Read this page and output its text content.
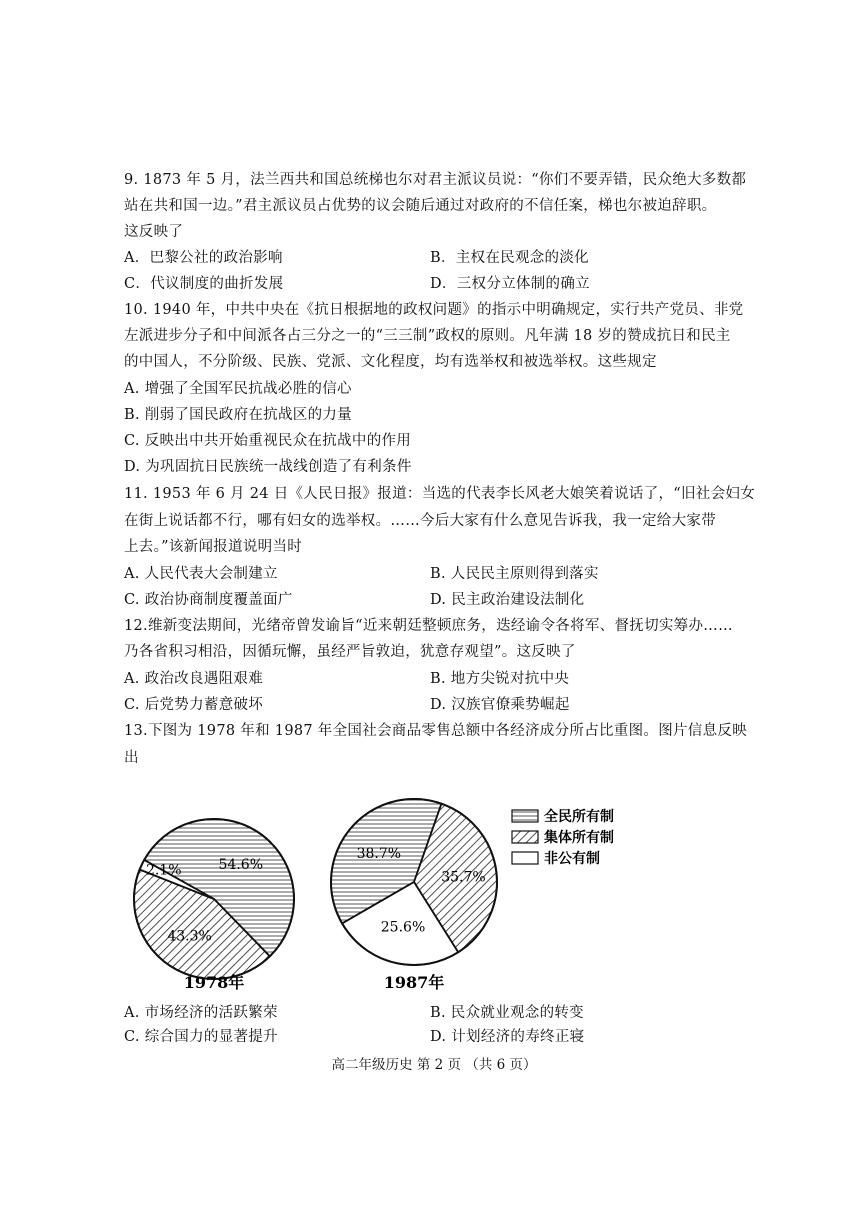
9. 1873 年 5 月，法兰西共和国总统梯也尔对君主派议员说：“你们不要弄错，民众绝大多数都
站在共和国一边。”君主派议员占优势的议会随后通过对政府的不信任案，梯也尔被迫辞职。
这反映了
A．巴黎公社的政治影响	B．主权在民观念的淡化
C．代议制度的曲折发展	D．三权分立体制的确立
10. 1940 年，中共中央在《抗日根据地的政权问题》的指示中明确规定，实行共产党员、非党
左派进步分子和中间派各占三分之一的“三三制”政权的原则。凡年满 18 岁的赞成抗日和民主
的中国人，不分阶级、民族、党派、文化程度，均有选举权和被选举权。这些规定
A. 增强了全国军民抗战必胜的信心
B. 削弱了国民政府在抗战区的力量
C. 反映出中共开始重视民众在抗战中的作用
D. 为巩固抗日民族统一战线创造了有利条件
11. 1953 年 6 月 24 日《人民日报》报道：当选的代表李长风老大娘笑着说话了，“旧社会妇女
在街上说话都不行，哪有妇女的选举权。……今后大家有什么意见告诉我，我一定给大家带
上去。”该新闻报道说明当时
A. 人民代表大会制建立	B. 人民民主原则得到落实
C. 政治协商制度覆盖面广	D. 民主政治建设法制化
12.维新变法期间，光绪帝曾发谕旨“近来朝廷整顿庶务，迭经谕令各将军、督抚切实筹办……
乃各省积习相沿，因循玩懈，虽经严旨敦迫，犹意存观望”。这反映了
A. 政治改良遇阻艰难	B. 地方尖锐对抗中央
C. 后党势力蓄意破坏	D. 汉族官僚乘势崛起
13.下图为 1978 年和 1987 年全国社会商品零售总额中各经济成分所占比重图。图片信息反映
出
54.6%
43.3%
2.1%
1978年
38.7%
35.7%
25.6%
1987年
全民所有制
集体所有制
非公有制
A. 市场经济的活跃繁荣	B. 民众就业观念的转变
C. 综合国力的显著提升	D. 计划经济的寿终正寝
高二年级历史 第 2 页 （共 6 页）
